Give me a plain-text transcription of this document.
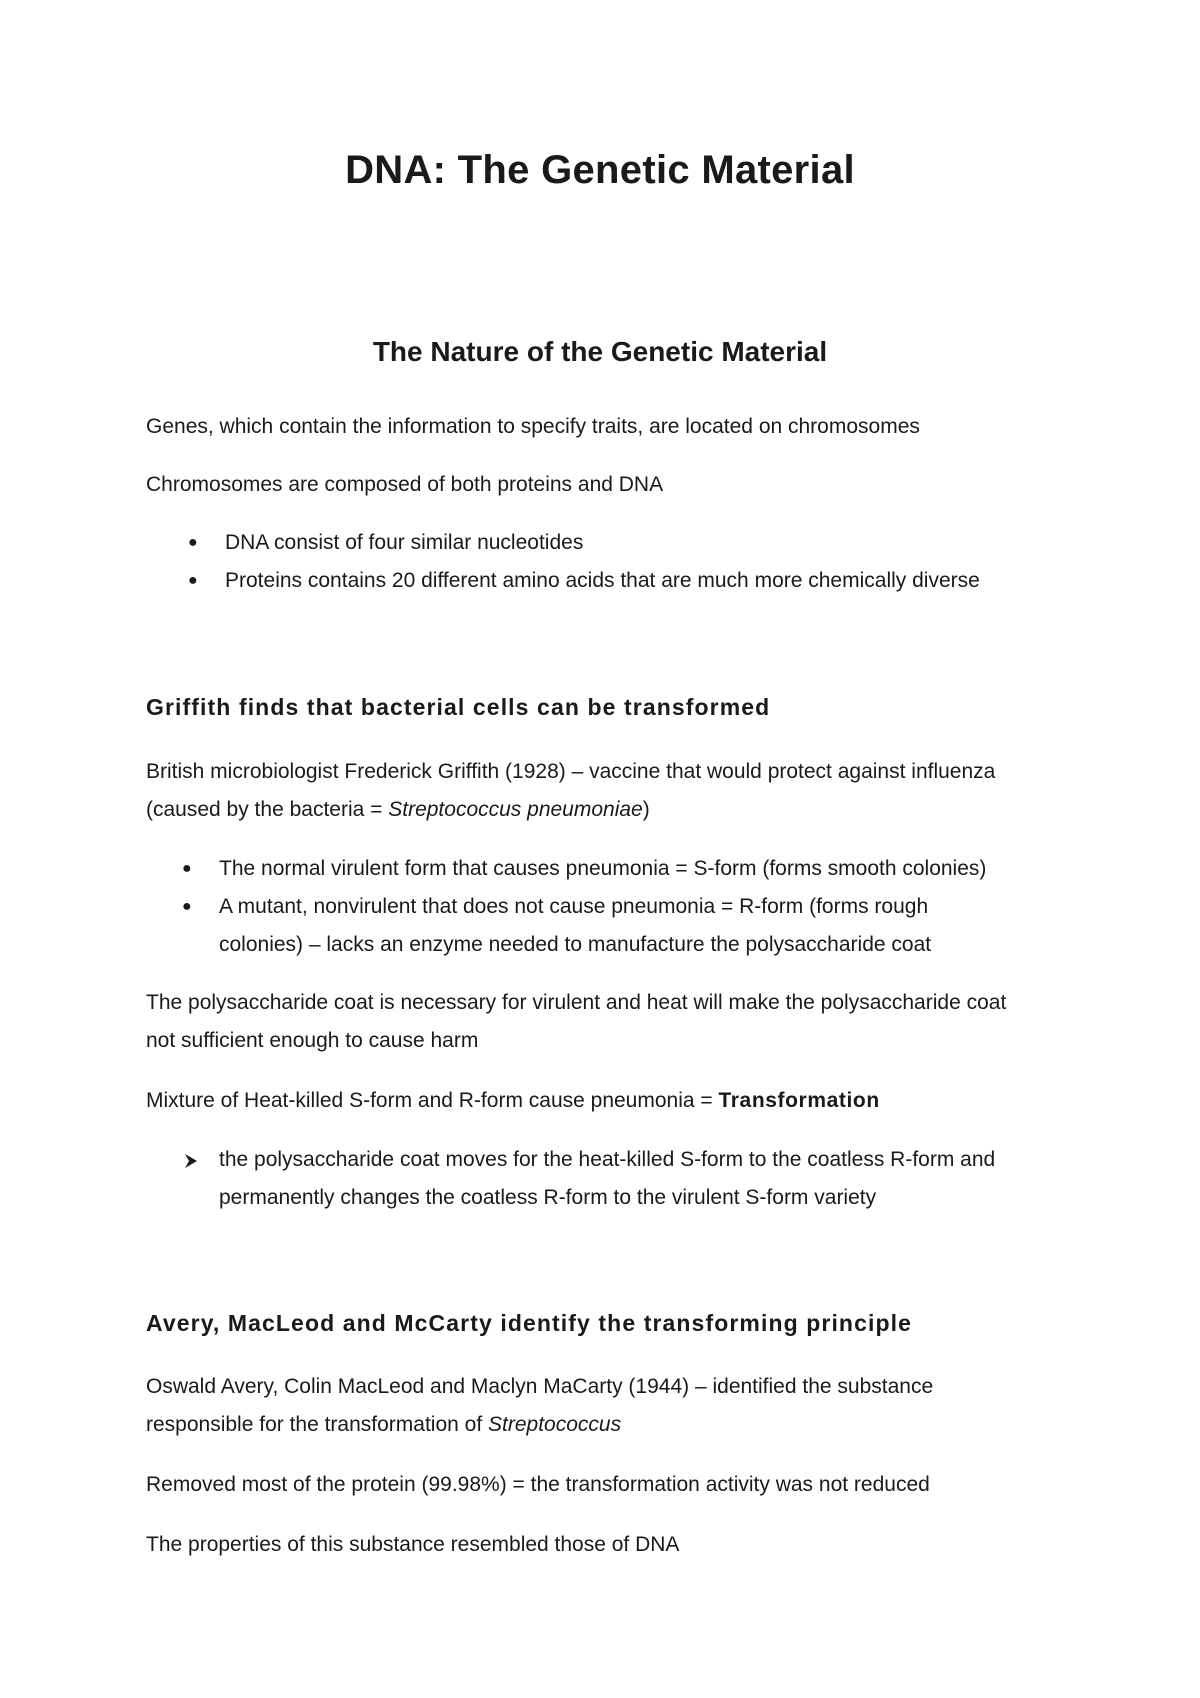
DNA: The Genetic Material
The Nature of the Genetic Material

Genes, which contain the information to specify traits, are located on chromosomes

Chromosomes are composed of both proteins and DNA

● DNA consist of four similar nucleotides

● Proteins contains 20 different amino acids that are much more chemically diverse

Griffith finds that bacterial cells can be transformed

British microbiologist Frederick Griffith (1928) – vaccine that would protect against influenza

(caused by the bacteria = Streptococcus pneumoniae)

● The normal virulent form that causes pneumonia = S-form (forms smooth colonies)

● A mutant, nonvirulent that does not cause pneumonia = R-form (forms rough

colonies) – lacks an enzyme needed to manufacture the polysaccharide coat

The polysaccharide coat is necessary for virulent and heat will make the polysaccharide coat

not sufficient enough to cause harm

Mixture of Heat-killed S-form and R-form cause pneumonia = Transformation

the polysaccharide coat moves for the heat-killed S-form to the coatless R-form and

permanently changes the coatless R-form to the virulent S-form variety

Avery, MacLeod and McCarty identify the transforming principle

Oswald Avery, Colin MacLeod and Maclyn MaCarty (1944) – identified the substance

responsible for the transformation of Streptococcus

Removed most of the protein (99.98%) = the transformation activity was not reduced

The properties of this substance resembled those of DNA
